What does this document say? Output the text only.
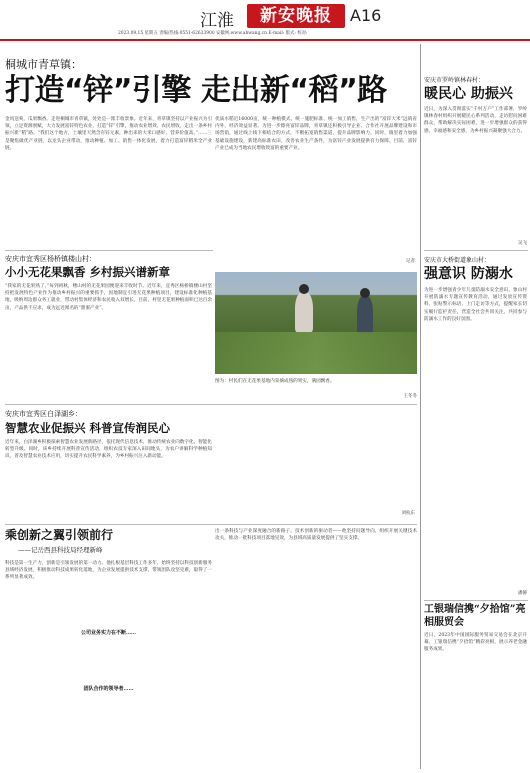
江淮	新安晚报	A16
2023.09.15 星期五 责编/热线:0551-62633900 安徽网:www.ahwang.cn E-mail: 版式: 校对:
桐城市青草镇：
打造“锌”引擎 走出新“稻”路
金风送爽，瓜果飘香。走进桐城市青草镇，处处是一派丰收景象。近年来，青草镇坚持以产业振兴为引领，立足资源禀赋，大力发展富锌特色农业，打造“锌”引擎，推动农业增效、农民增收，走出一条乡村振兴新“稻”路。“我们这个地方，土壤里天然含有锌元素，种出来的大米口感好、营养价值高。”……三是聚焦做优产业链，以龙头企业带动，推动种植、加工、销售一体化发展，着力打造富锌稻米全产业链。
优质水稻近16000亩，统一种植模式、统一施肥标准、统一加工销售，生产出的“富锌大米”远销省内外，经济效益显著。为进一步擦亮富锌品牌，青草镇还积极引导企业、合作社开展品牌建设和市场营销，通过线上线下相结合的方式，不断拓宽销售渠道，提升品牌影响力。同时，镇里着力加强基础设施建设，新建高标准农田，改善农业生产条件，为富锌产业发展提供有力保障。目前，富锌产业已成为当地农民增收致富的重要产业。
记者
安庆市宜秀区杨桥镇楼山村：
小小无花果飘香 乡村振兴谱新章
“我家的无花果熟了，”每到初秋，楼山村的无花果园便迎来丰收时节。近年来，宜秀区杨桥镇楼山村坚持把发展特色产业作为推动乡村振兴的重要抓手，因地制宜引进无花果种植项目，建设标准化种植基地，吸纳周边群众务工就业，带动村集体经济和农民收入双增长。目前，村里无花果种植面积已达百余亩，产品供不应求，成为远近闻名的“甜蜜产业”。
图为：村民们在无花果基地内采摘成熟的果实，满园飘香。
王冬冬
安庆市宜秀区白泽湖乡：
智慧农业促振兴 科普宣传润民心
近年来，白泽湖乡积极探索智慧农业发展新路径，依托现代信息技术，推动传统农业向数字化、智能化转型升级。同时，该乡持续开展科普宣传活动，组织农技专家深入田间地头，为农户讲解科学种植知识，普及智慧农业技术应用，切实提升农民科学素养，为乡村振兴注入新动能。
刘杭东
乘创新之翼引领前行
——记岳西县科技局经理新峰
科技是第一生产力，创新是引领发展的第一动力。他扎根基层科技工作多年，始终坚持以科技创新服务县域经济发展，积极推动科技成果转化落地，为企业发展提供技术支撑，带领团队攻坚克难，取得了一系列显著成效。
公司业务实力在不断……
团队合作的领导者……
出一条科技与产业深度融合的新路子。技术创新的驱动者——他坚持问题导向，组织开展关键技术攻关，推动一批科技项目落地见效，为县域高质量发展提供了坚实支撑。
安庆市罗岭镇林春村：
暖民心 助振兴
近日，为深入贯彻落实“千村万户”工作部署，罗岭镇林春村组织开展暖民心系列活动，走访慰问困难群众，帮助解决实际困难，进一步增强群众的获得感、幸福感和安全感，为乡村振兴凝聚强大合力。
吴飞
安庆市大桥街道象山村：
强意识 防溺水
为进一步增强青少年儿童防溺水安全意识，象山村开展防溺水专题宣传教育活动，通过发放宣传资料、张贴警示标语、上门走访等方式，提醒家长切实履行监护责任，营造全社会共同关注、共同参与防溺水工作的良好氛围。
潘静
工银瑞信携“夕拾馆”亮相服贸会
近日，2023年中国国际服务贸易交易会在北京开幕，工银瑞信携“夕拾馆”精彩亮相，展示养老金融服务成果。
